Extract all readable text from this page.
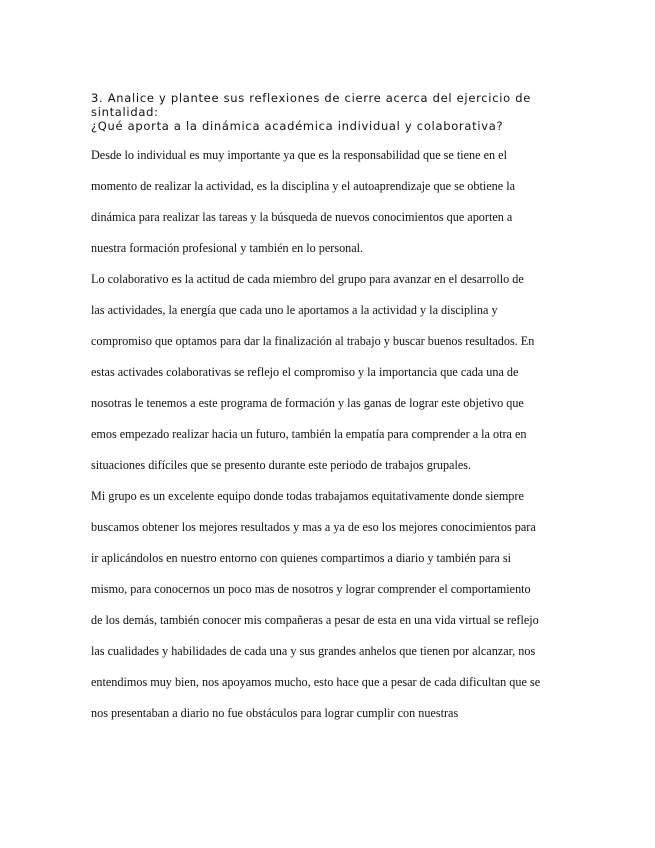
3. Analice y plantee sus reflexiones de cierre acerca del ejercicio de
sintalidad:
¿Qué aporta a la dinámica académica individual y colaborativa?
Desde lo individual es muy importante ya que es la responsabilidad que se tiene en el
momento de realizar la actividad, es la disciplina y el autoaprendizaje que se obtiene la
dinámica para realizar las tareas y la búsqueda de nuevos conocimientos que aporten a
nuestra formación profesional y también en lo personal.
Lo colaborativo es la actitud de cada miembro del grupo para avanzar en el desarrollo de
las actividades, la energía que cada uno le aportamos a la actividad y la disciplina y
compromiso que optamos para dar la finalización al trabajo y buscar buenos resultados. En
estas activades colaborativas se reflejo el compromiso y la importancia que cada una de
nosotras le tenemos a este programa de formación y las ganas de lograr este objetivo que
emos empezado realizar hacia un futuro, también la empatía para comprender a la otra en
situaciones difíciles que se presento durante este periodo de trabajos grupales.
Mi grupo es un excelente equipo donde todas trabajamos equitativamente donde siempre
buscamos obtener los mejores resultados y mas a ya de eso los mejores conocimientos para
ir aplicándolos en nuestro entorno con quienes compartimos a diario y también para si
mismo, para conocernos un poco mas de nosotros y lograr comprender el comportamiento
de los demás, también conocer mis compañeras a pesar de esta en una vida virtual se reflejo
las cualidades y habilidades de cada una y sus grandes anhelos que tienen por alcanzar, nos
entendimos muy bien, nos apoyamos mucho, esto hace que a pesar de cada dificultan que se
nos presentaban a diario no fue obstáculos para lograr cumplir con nuestras
